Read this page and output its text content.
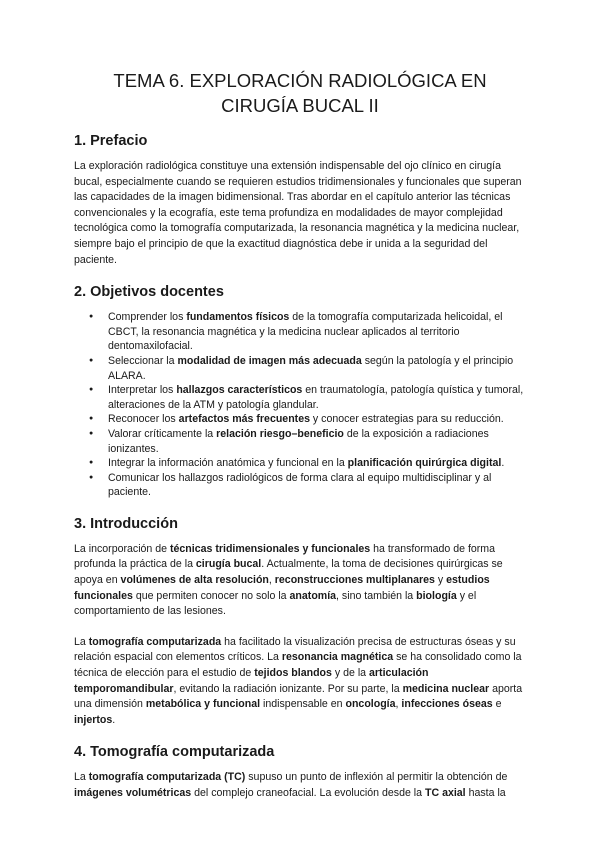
TEMA 6. EXPLORACIÓN RADIOLÓGICA EN CIRUGÍA BUCAL II
1. Prefacio

La exploración radiológica constituye una extensión indispensable del ojo clínico en cirugía bucal, especialmente cuando se requieren estudios tridimensionales y funcionales que superan las capacidades de la imagen bidimensional. Tras abordar en el capítulo anterior las técnicas convencionales y la ecografía, este tema profundiza en modalidades de mayor complejidad tecnológica como la tomografía computarizada, la resonancia magnética y la medicina nuclear, siempre bajo el principio de que la exactitud diagnóstica debe ir unida a la seguridad del paciente.

2. Objetivos docentes
● Comprender los fundamentos físicos de la tomografía computarizada helicoidal, el CBCT, la resonancia magnética y la medicina nuclear aplicados al territorio dentomaxilofacial.
● Seleccionar la modalidad de imagen más adecuada según la patología y el principio ALARA.
● Interpretar los hallazgos característicos en traumatología, patología quística y tumoral, alteraciones de la ATM y patología glandular.
● Reconocer los artefactos más frecuentes y conocer estrategias para su reducción.
● Valorar críticamente la relación riesgo–beneficio de la exposición a radiaciones ionizantes.
● Integrar la información anatómica y funcional en la planificación quirúrgica digital.
● Comunicar los hallazgos radiológicos de forma clara al equipo multidisciplinar y al paciente.
3. Introducción

La incorporación de técnicas tridimensionales y funcionales ha transformado de forma profunda la práctica de la cirugía bucal. Actualmente, la toma de decisiones quirúrgicas se apoya en volúmenes de alta resolución, reconstrucciones multiplanares y estudios funcionales que permiten conocer no solo la anatomía, sino también la biología y el comportamiento de las lesiones.

La tomografía computarizada ha facilitado la visualización precisa de estructuras óseas y su relación espacial con elementos críticos. La resonancia magnética se ha consolidado como la técnica de elección para el estudio de tejidos blandos y de la articulación temporomandibular, evitando la radiación ionizante. Por su parte, la medicina nuclear aporta una dimensión metabólica y funcional indispensable en oncología, infecciones óseas e injertos.

4. Tomografía computarizada

La tomografía computarizada (TC) supuso un punto de inflexión al permitir la obtención de imágenes volumétricas del complejo craneofacial. La evolución desde la TC axial hasta la
